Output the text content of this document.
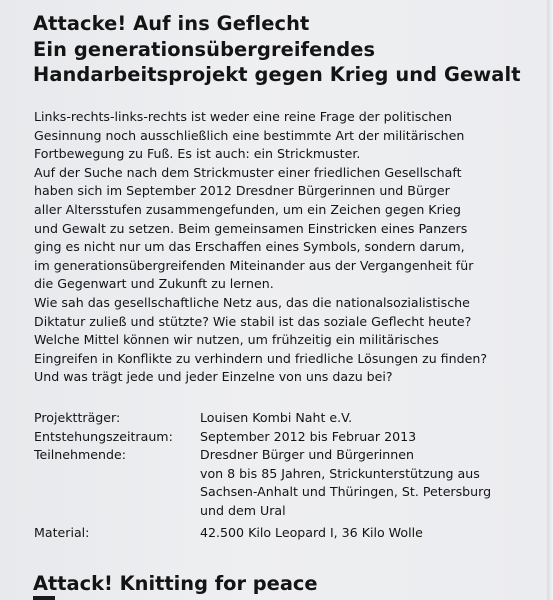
Attacke! Auf ins Geflecht
Ein generationsübergreifendes
Handarbeitsprojekt gegen Krieg und Gewalt
Links-rechts-links-rechts ist weder eine reine Frage der politischen
Gesinnung noch ausschließlich eine bestimmte Art der militärischen
Fortbewegung zu Fuß. Es ist auch: ein Strickmuster.
Auf der Suche nach dem Strickmuster einer friedlichen Gesellschaft
haben sich im September 2012 Dresdner Bürgerinnen und Bürger
aller Altersstufen zusammengefunden, um ein Zeichen gegen Krieg
und Gewalt zu setzen. Beim gemeinsamen Einstricken eines Panzers
ging es nicht nur um das Erschaffen eines Symbols, sondern darum,
im generationsübergreifenden Miteinander aus der Vergangenheit für
die Gegenwart und Zukunft zu lernen.
Wie sah das gesellschaftliche Netz aus, das die nationalsozialistische
Diktatur zuließ und stützte? Wie stabil ist das soziale Geflecht heute?
Welche Mittel können wir nutzen, um frühzeitig ein militärisches
Eingreifen in Konflikte zu verhindern und friedliche Lösungen zu finden?
Und was trägt jede und jeder Einzelne von uns dazu bei?
Projektträger:	Louisen Kombi Naht e.V.
Entstehungszeitraum:	September 2012 bis Februar 2013
Teilnehmende:	Dresdner Bürger und Bürgerinnen
von 8 bis 85 Jahren, Strickunterstützung aus
Sachsen-Anhalt und Thüringen, St. Petersburg
und dem Ural
Material:	42.500 Kilo Leopard I, 36 Kilo Wolle
Attack! Knitting for peace
